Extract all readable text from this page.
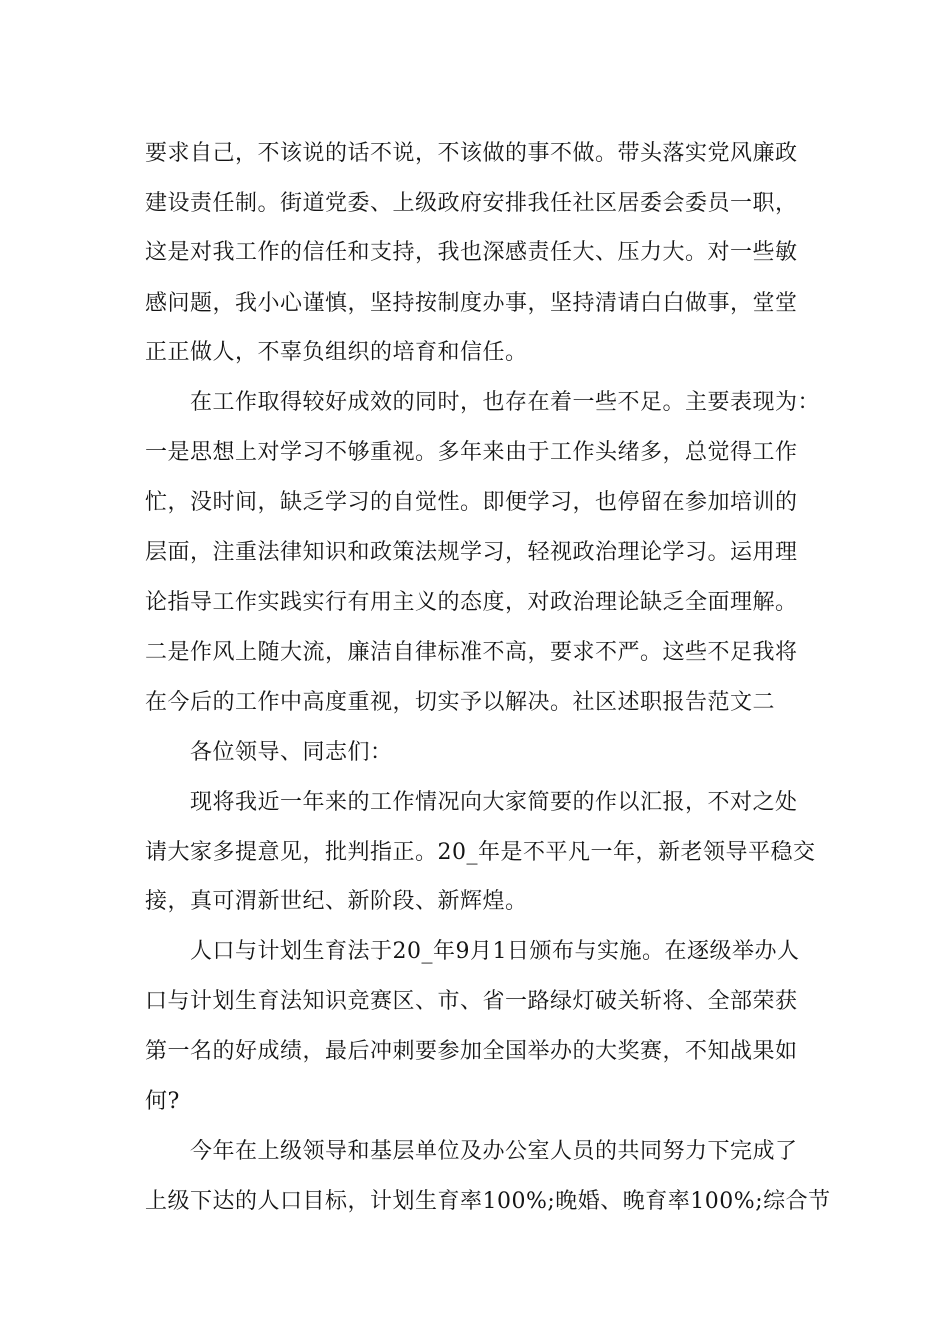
要求自己，不该说的话不说，不该做的事不做。带头落实党风廉政
建设责任制。街道党委、上级政府安排我任社区居委会委员一职，
这是对我工作的信任和支持，我也深感责任大、压力大。对一些敏
感问题，我小心谨慎，坚持按制度办事，坚持清请白白做事，堂堂
正正做人，不辜负组织的培育和信任。
在工作取得较好成效的同时，也存在着一些不足。主要表现为：
一是思想上对学习不够重视。多年来由于工作头绪多，总觉得工作
忙，没时间，缺乏学习的自觉性。即便学习，也停留在参加培训的
层面，注重法律知识和政策法规学习，轻视政治理论学习。运用理
论指导工作实践实行有用主义的态度，对政治理论缺乏全面理解。
二是作风上随大流，廉洁自律标准不高，要求不严。这些不足我将
在今后的工作中高度重视，切实予以解决。社区述职报告范文二
各位领导、同志们：
现将我近一年来的工作情况向大家简要的作以汇报，不对之处
请大家多提意见，批判指正。20_年是不平凡一年，新老领导平稳交
接，真可渭新世纪、新阶段、新辉煌。
人口与计划生育法于20_年9月1日颁布与实施。在逐级举办人
口与计划生育法知识竞赛区、市、省一路绿灯破关斩将、全部荣获
第一名的好成绩，最后冲刺要参加全国举办的大奖赛，不知战果如
何?
今年在上级领导和基层单位及办公室人员的共同努力下完成了
上级下达的人口目标，计划生育率100%;晚婚、晚育率100%;综合节
